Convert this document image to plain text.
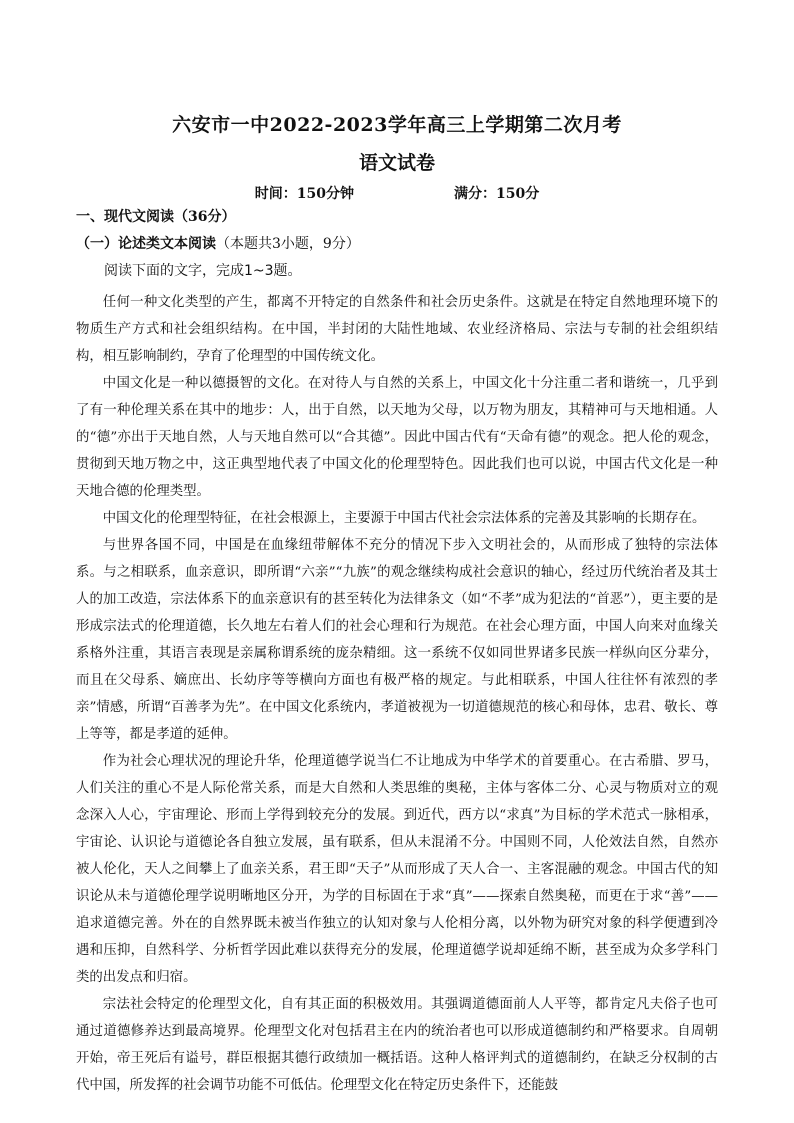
六安市一中2022-2023学年高三上学期第二次月考
语文试卷
时间：150分钟	满分：150分
一、现代文阅读（36分）
（一）论述类文本阅读（本题共3小题，9分）
阅读下面的文字，完成1~3题。

任何一种文化类型的产生，都离不开特定的自然条件和社会历史条件。这就是在特定自然地理环境下的物质生产方式和社会组织结构。在中国，半封闭的大陆性地域、农业经济格局、宗法与专制的社会组织结构，相互影响制约，孕育了伦理型的中国传统文化。

中国文化是一种以德摄智的文化。在对待人与自然的关系上，中国文化十分注重二者和谐统一，几乎到了有一种伦理关系在其中的地步：人，出于自然，以天地为父母，以万物为朋友，其精神可与天地相通。人的“德”亦出于天地自然，人与天地自然可以“合其德”。因此中国古代有“天命有德”的观念。把人伦的观念，贯彻到天地万物之中，这正典型地代表了中国文化的伦理型特色。因此我们也可以说，中国古代文化是一种天地合德的伦理类型。

中国文化的伦理型特征，在社会根源上，主要源于中国古代社会宗法体系的完善及其影响的长期存在。

与世界各国不同，中国是在血缘纽带解体不充分的情况下步入文明社会的，从而形成了独特的宗法体系。与之相联系，血亲意识，即所谓“六亲”“九族”的观念继续构成社会意识的轴心，经过历代统治者及其士人的加工改造，宗法体系下的血亲意识有的甚至转化为法律条文（如“不孝”成为犯法的“首恶”），更主要的是形成宗法式的伦理道德，长久地左右着人们的社会心理和行为规范。在社会心理方面，中国人向来对血缘关系格外注重，其语言表现是亲属称谓系统的庞杂精细。这一系统不仅如同世界诸多民族一样纵向区分辈分，而且在父母系、嫡庶出、长幼序等等横向方面也有极严格的规定。与此相联系，中国人往往怀有浓烈的孝亲”情感，所谓“百善孝为先”。在中国文化系统内，孝道被视为一切道德规范的核心和母体，忠君、敬长、尊上等等，都是孝道的延伸。

作为社会心理状况的理论升华，伦理道德学说当仁不让地成为中华学术的首要重心。在古希腊、罗马，人们关注的重心不是人际伦常关系，而是大自然和人类思维的奥秘，主体与客体二分、心灵与物质对立的观念深入人心，宇宙理论、形而上学得到较充分的发展。到近代，西方以“求真”为目标的学术范式一脉相承，宇宙论、认识论与道德论各自独立发展，虽有联系，但从未混淆不分。中国则不同，人伦效法自然，自然亦被人伦化，天人之间攀上了血亲关系，君王即“天子”从而形成了天人合一、主客混融的观念。中国古代的知识论从未与道德伦理学说明晰地区分开，为学的目标固在于求“真”——探索自然奥秘，而更在于求“善”——追求道德完善。外在的自然界既未被当作独立的认知对象与人伦相分离，以外物为研究对象的科学便遭到冷遇和压抑，自然科学、分析哲学因此难以获得充分的发展，伦理道德学说却延绵不断，甚至成为众多学科门类的出发点和归宿。

宗法社会特定的伦理型文化，自有其正面的积极效用。其强调道德面前人人平等，都肯定凡夫俗子也可通过道德修养达到最高境界。伦理型文化对包括君主在内的统治者也可以形成道德制约和严格要求。自周朝开始，帝王死后有谥号，群臣根据其德行政绩加一概括语。这种人格评判式的道德制约，在缺乏分权制的古代中国，所发挥的社会调节功能不可低估。伦理型文化在特定历史条件下，还能鼓
